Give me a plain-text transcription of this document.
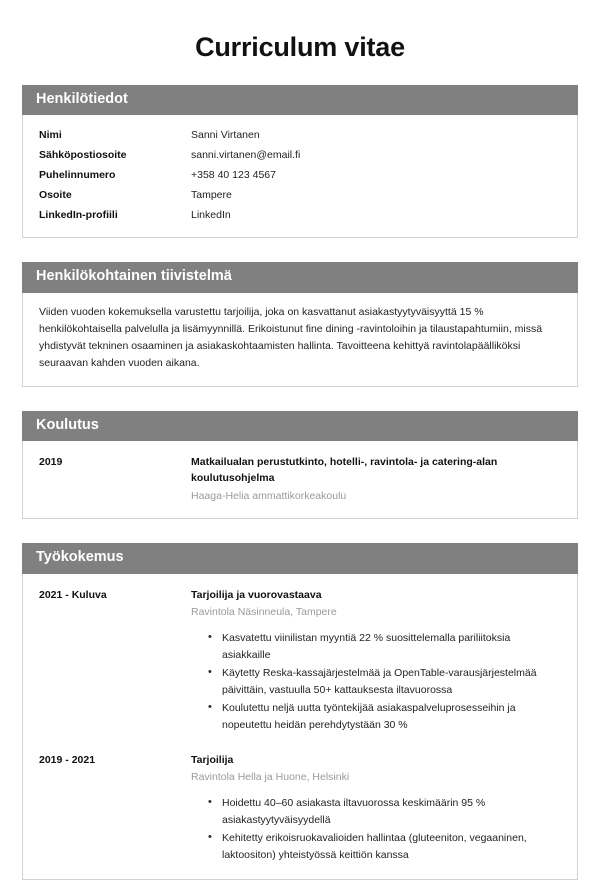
Curriculum vitae
Henkilötiedot
Nimi	Sanni Virtanen
Sähköpostiosoite	sanni.virtanen@email.fi
Puhelinnumero	+358 40 123 4567
Osoite	Tampere
LinkedIn-profiili	LinkedIn
Henkilökohtainen tiivistelmä

Viiden vuoden kokemuksella varustettu tarjoilija, joka on kasvattanut asiakastyytyväisyyttä 15 % henkilökohtaisella palvelulla ja lisämyynnillä. Erikoistunut fine dining -ravintoloihin ja tilaustapahtumiin, missä yhdistyvät tekninen osaaminen ja asiakaskohtaamisten hallinta. Tavoitteena kehittyä ravintolapäälliköksi seuraavan kahden vuoden aikana.

Koulutus
2019	Matkailualan perustutkinto, hotelli-, ravintola- ja catering-alan koulutusohjelma
Haaga-Helia ammattikorkeakoulu
Työkokemus
2021 - Kuluva	Tarjoilija ja vuorovastaava
Ravintola Näsinneula, Tampere
• Kasvatettu viinilistan myyntiä 22 % suosittelemalla pariliitoksia asiakkaille
• Käytetty Reska-kassajärjestelmää ja OpenTable-varausjärjestelmää päivittäin, vastuulla 50+ kattauksesta iltavuorossa
• Koulutettu neljä uutta työntekijää asiakaspalveluprosesseihin ja nopeutettu heidän perehdytystään 30 %
2019 - 2021	Tarjoilija
Ravintola Hella ja Huone, Helsinki
• Hoidettu 40–60 asiakasta iltavuorossa keskimäärin 95 % asiakastyytyväisyydellä
• Kehitetty erikoisruokavalioiden hallintaa (gluteeniton, vegaaninen, laktoositon) yhteistyössä keittiön kanssa
